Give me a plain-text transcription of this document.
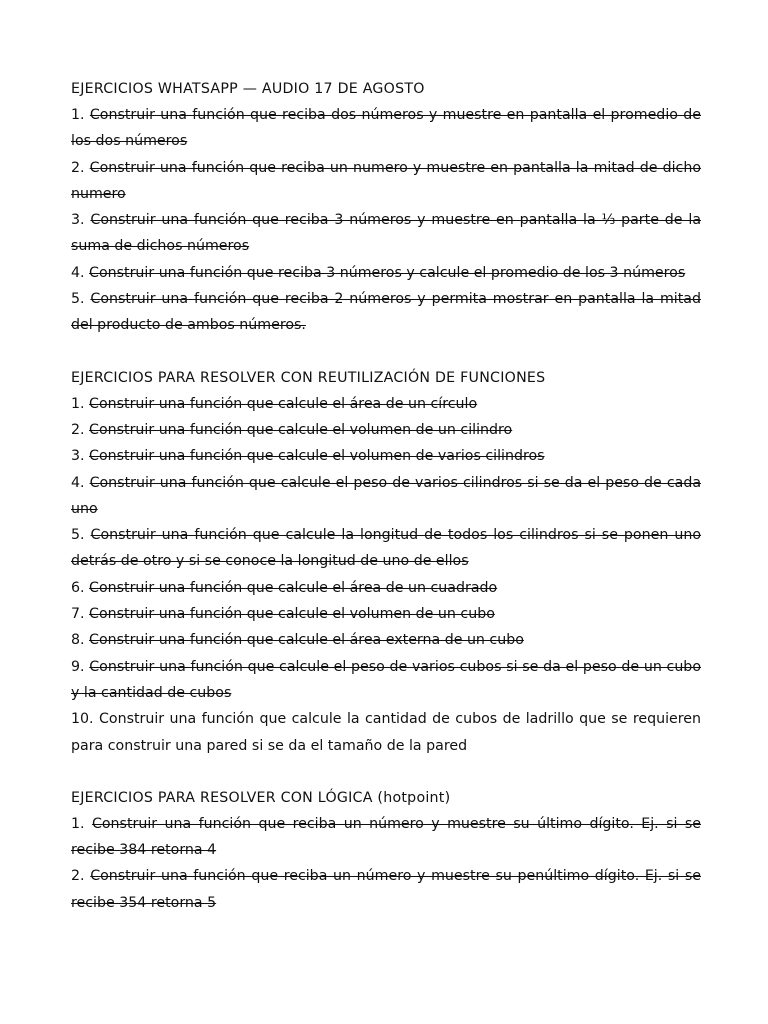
EJERCICIOS WHATSAPP — AUDIO 17 DE AGOSTO
1. Construir una función que reciba dos números y muestre en pantalla el promedio de los dos números
2. Construir una función que reciba un numero y muestre en pantalla la mitad de dicho numero
3. Construir una función que reciba 3 números y muestre en pantalla la ⅓ parte de la suma de dichos números
4. Construir una función que reciba 3 números y calcule el promedio de los 3 números
5. Construir una función que reciba 2 números y permita mostrar en pantalla la mitad del producto de ambos números.
EJERCICIOS PARA RESOLVER CON REUTILIZACIÓN DE FUNCIONES
1. Construir una función que calcule el área de un círculo
2. Construir una función que calcule el volumen de un cilindro
3. Construir una función que calcule el volumen de varios cilindros
4. Construir una función que calcule el peso de varios cilindros si se da el peso de cada uno
5. Construir una función que calcule la longitud de todos los cilindros si se ponen uno detrás de otro y si se conoce la longitud de uno de ellos
6. Construir una función que calcule el área de un cuadrado
7. Construir una función que calcule el volumen de un cubo
8. Construir una función que calcule el área externa de un cubo
9. Construir una función que calcule el peso de varios cubos si se da el peso de un cubo y la cantidad de cubos
10. Construir una función que calcule la cantidad de cubos de ladrillo que se requieren para construir una pared si se da el tamaño de la pared
EJERCICIOS PARA RESOLVER CON LÓGICA (hotpoint)
1. Construir una función que reciba un número y muestre su último dígito. Ej. si se recibe 384 retorna 4
2. Construir una función que reciba un número y muestre su penúltimo dígito. Ej. si se recibe 354 retorna 5
